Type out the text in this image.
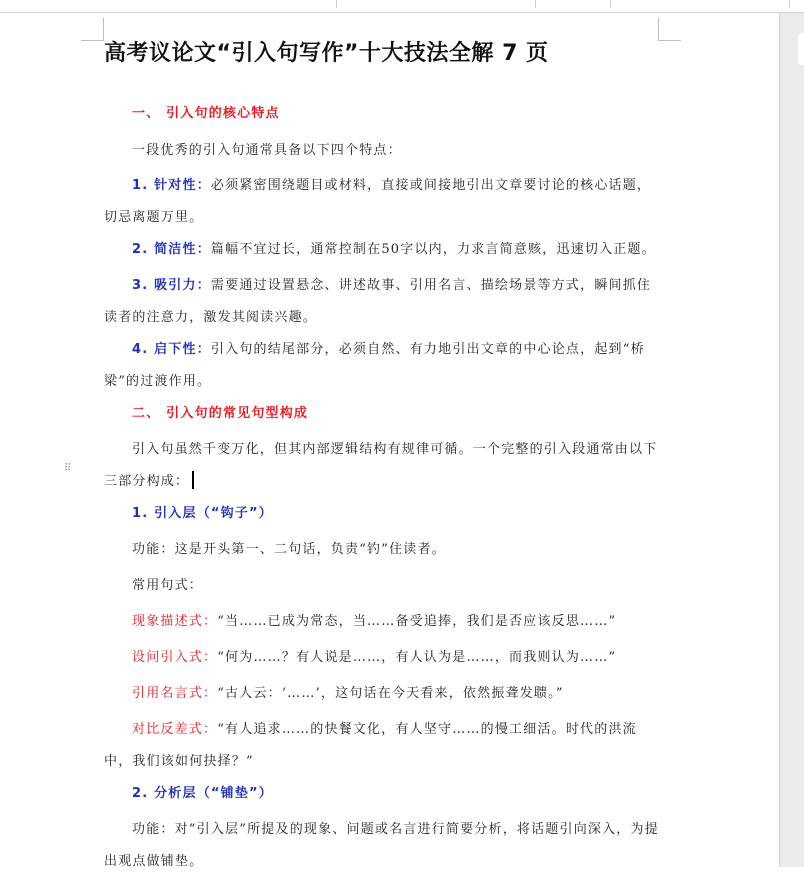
高考议论文“引入句写作”十大技法全解 7 页
一、 引入句的核心特点
一段优秀的引入句通常具备以下四个特点：
1. 针对性：必须紧密围绕题目或材料，直接或间接地引出文章要讨论的核心话题，切忌离题万里。
2. 简洁性：篇幅不宜过长，通常控制在50字以内，力求言简意赅，迅速切入正题。
3. 吸引力：需要通过设置悬念、讲述故事、引用名言、描绘场景等方式，瞬间抓住读者的注意力，激发其阅读兴趣。
4. 启下性：引入句的结尾部分，必须自然、有力地引出文章的中心论点，起到“桥梁”的过渡作用。
二、 引入句的常见句型构成
⠿
引入句虽然千变万化，但其内部逻辑结构有规律可循。一个完整的引入段通常由以下三部分构成：
1. 引入层（“钩子”）
功能：这是开头第一、二句话，负责“钓”住读者。
常用句式：
现象描述式：“当……已成为常态，当……备受追捧，我们是否应该反思……”
设问引入式：“何为……？有人说是……，有人认为是……，而我则认为……”
引用名言式：“古人云：‘……’，这句话在今天看来，依然振聋发聩。”
对比反差式：“有人追求……的快餐文化，有人坚守……的慢工细活。时代的洪流中，我们该如何抉择？”
2. 分析层（“铺垫”）
功能：对“引入层”所提及的现象、问题或名言进行简要分析，将话题引向深入，为提出观点做铺垫。
